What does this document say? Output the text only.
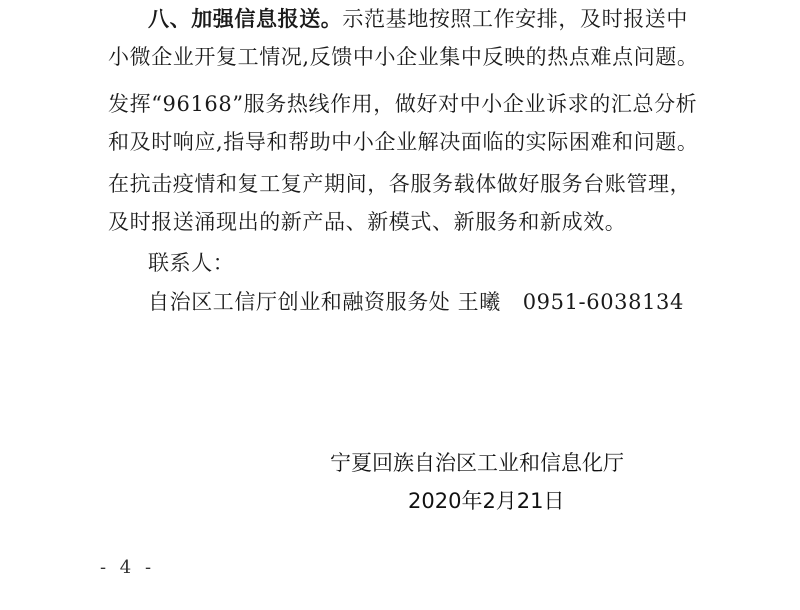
八、加强信息报送。示范基地按照工作安排，及时报送中
小微企业开复工情况,反馈中小企业集中反映的热点难点问题。
发挥“96168”服务热线作用，做好对中小企业诉求的汇总分析
和及时响应,指导和帮助中小企业解决面临的实际困难和问题。
在抗击疫情和复工复产期间，各服务载体做好服务台账管理，
及时报送涌现出的新产品、新模式、新服务和新成效。
联系人：
自治区工信厅创业和融资服务处 王曦   0951-6038134
宁夏回族自治区工业和信息化厅
2020年2月21日
- 4 -
